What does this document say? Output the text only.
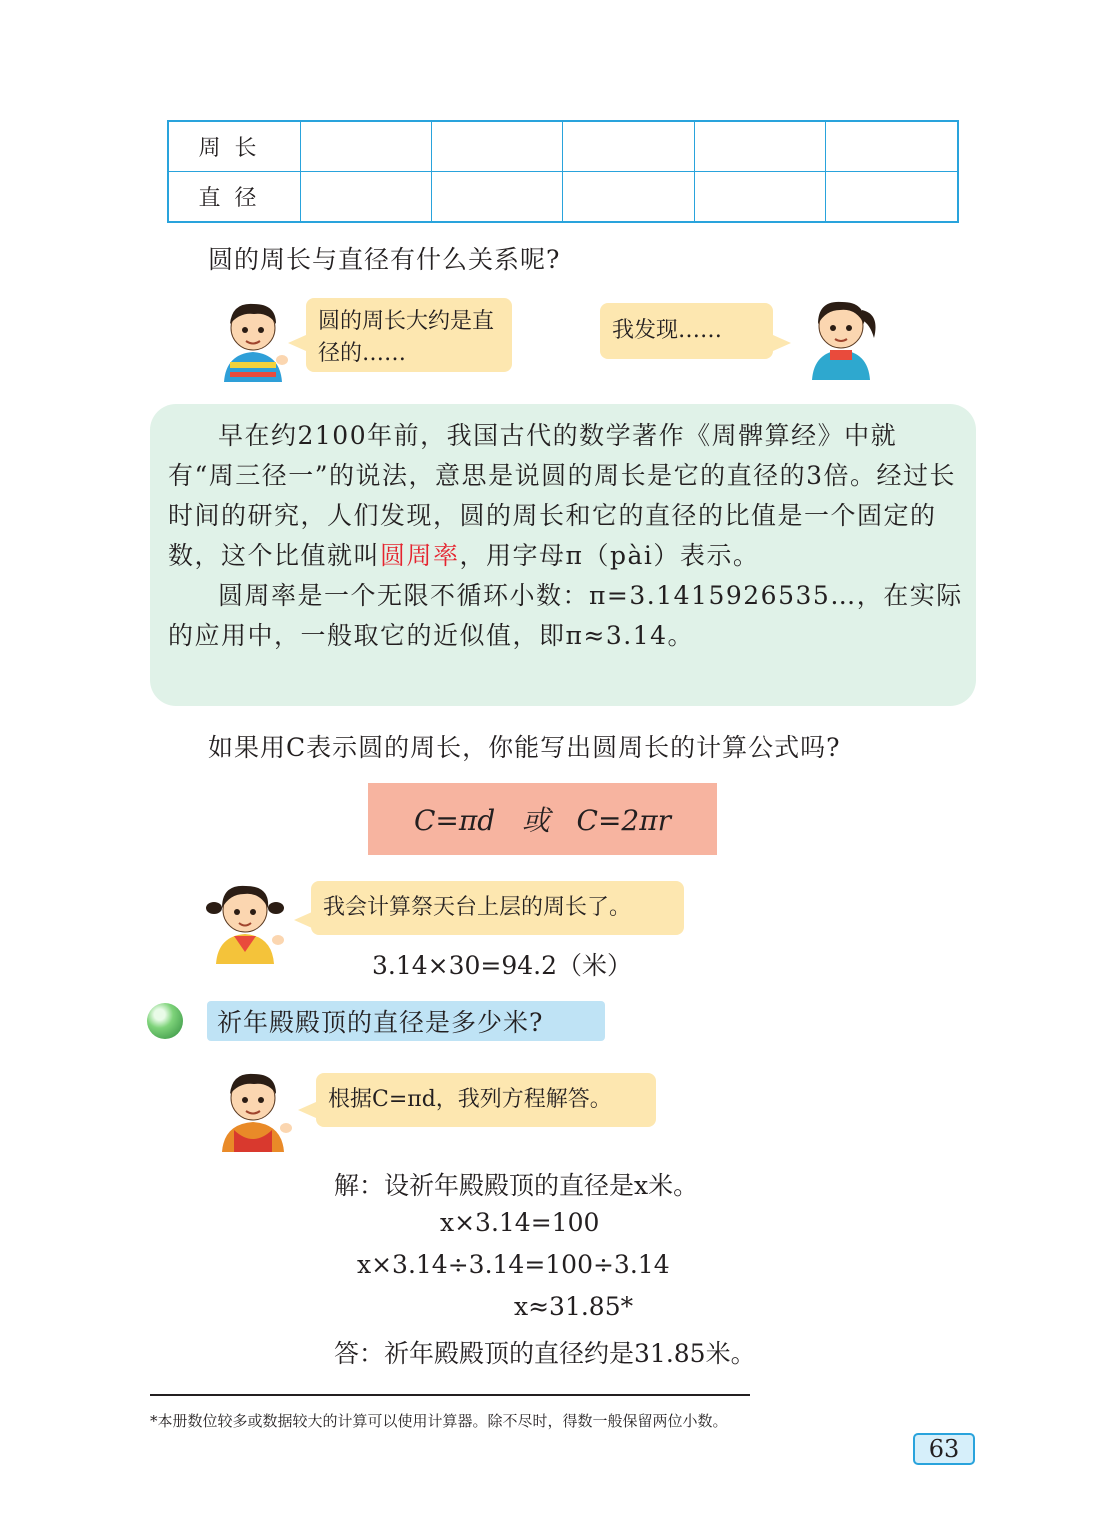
周长
直径
圆的周长与直径有什么关系呢?
圆的周长大约是直径的……
我发现……

早在约2100年前，我国古代的数学著作《周髀算经》中就有“周三径一”的说法，意思是说圆的周长是它的直径的3倍。经过长时间的研究，人们发现，圆的周长和它的直径的比值是一个固定的数，这个比值就叫圆周率，用字母π（pài）表示。

圆周率是一个无限不循环小数：π=3.1415926535…，在实际的应用中，一般取它的近似值，即π≈3.14。

如果用C表示圆的周长，你能写出圆周长的计算公式吗?
C=πd   或   C=2πr
我会计算祭天台上层的周长了。
3.14×30=94.2（米）
祈年殿殿顶的直径是多少米?
根据C=πd，我列方程解答。
解：设祈年殿殿顶的直径是x米。
x×3.14=100
x×3.14÷3.14=100÷3.14
x≈31.85*
答：祈年殿殿顶的直径约是31.85米。
*本册数位较多或数据较大的计算可以使用计算器。除不尽时，得数一般保留两位小数。
63
